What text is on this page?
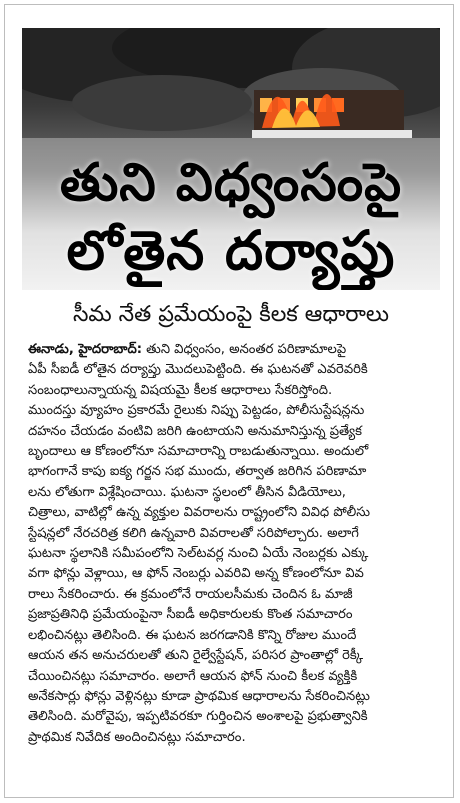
తుని విధ్వంసంపై
లోతైన దర్యాప్తు
సీమ నేత ప్రమేయంపై కీలక ఆధారాలు
ఈనాడు, హైదరాబాద్: తుని విధ్వంసం, అనంతర పరిణామాలపై
ఏపీ సీఐడీ లోతైన దర్యాప్తు మొదలుపెట్టింది. ఈ ఘటనతో ఎవరెవరికి
సంబంధాలున్నాయన్న విషయమై కీలక ఆధారాలు సేకరిస్తోంది.
ముందస్తు వ్యూహం ప్రకారమే రైలుకు నిప్పు పెట్టడం, పోలీసుస్టేషన్లను
దహనం చేయడం వంటివి జరిగి ఉంటాయని అనుమానిస్తున్న ప్రత్యేక
బృందాలు ఆ కోణంలోనూ సమాచారాన్ని రాబడుతున్నాయి. అందులో
భాగంగానే కాపు ఐక్య గర్జన సభ ముందు, తర్వాత జరిగిన పరిణామా
లను లోతుగా విశ్లేషించాయి. ఘటనా స్థలంలో తీసిన వీడియోలు,
చిత్రాలు, వాటిల్లో ఉన్న వ్యక్తుల వివరాలను రాష్ట్రంలోని వివిధ పోలీసు
స్టేషన్లలో నేరచరిత్ర కలిగి ఉన్నవారి వివరాలతో సరిపోల్చారు. అలాగే
ఘటనా స్థలానికి సమీపంలోని సెల్‌టవర్ల నుంచి ఏయే నెంబర్లకు ఎక్కు
వగా ఫోన్లు వెళ్లాయి, ఆ ఫోన్ నెంబర్లు ఎవరివి అన్న కోణంలోనూ వివ
రాలు సేకరించారు. ఈ క్రమంలోనే రాయలసీమకు చెందిన ఓ మాజీ
ప్రజాప్రతినిధి ప్రమేయంపైనా సీఐడీ అధికారులకు కొంత సమాచారం
లభించినట్లు తెలిసింది. ఈ ఘటన జరగడానికి కొన్ని రోజుల ముందే
ఆయన తన అనుచరులతో తుని రైల్వేస్టేషన్, పరిసర ప్రాంతాల్లో రెక్కీ
చేయించినట్లు సమాచారం. అలాగే ఆయన ఫోన్ నుంచి కీలక వ్యక్తికి
అనేకసార్లు ఫోన్లు వెళ్లినట్లు కూడా ప్రాథమిక ఆధారాలను సేకరించినట్లు
తెలిసింది. మరోవైపు, ఇప్పటివరకూ గుర్తించిన అంశాలపై ప్రభుత్వానికి
ప్రాథమిక నివేదిక అందించినట్లు సమాచారం.
